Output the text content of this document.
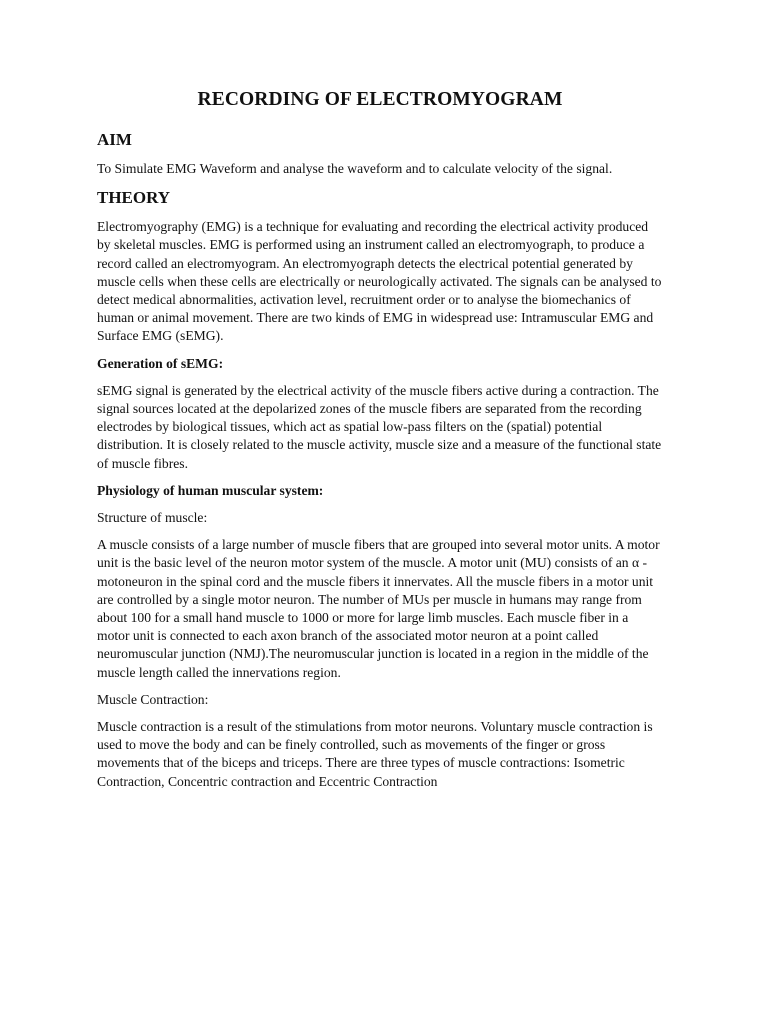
RECORDING OF ELECTROMYOGRAM
AIM

To Simulate EMG Waveform and analyse the waveform and to calculate velocity of the signal.

THEORY

Electromyography (EMG) is a technique for evaluating and recording the electrical activity produced by skeletal muscles. EMG is performed using an instrument called an electromyograph, to produce a record called an electromyogram. An electromyograph detects the electrical potential generated by muscle cells when these cells are electrically or neurologically activated. The signals can be analysed to detect medical abnormalities, activation level, recruitment order or to analyse the biomechanics of human or animal movement. There are two kinds of EMG in widespread use: Intramuscular EMG and Surface EMG (sEMG).

Generation of sEMG:

sEMG signal is generated by the electrical activity of the muscle fibers active during a contraction. The signal sources located at the depolarized zones of the muscle fibers are separated from the recording electrodes by biological tissues, which act as spatial low-pass filters on the (spatial) potential distribution. It is closely related to the muscle activity, muscle size and a measure of the functional state of muscle fibres.

Physiology of human muscular system:

Structure of muscle:

A muscle consists of a large number of muscle fibers that are grouped into several motor units. A motor unit is the basic level of the neuron motor system of the muscle. A motor unit (MU) consists of an α - motoneuron in the spinal cord and the muscle fibers it innervates. All the muscle fibers in a motor unit are controlled by a single motor neuron. The number of MUs per muscle in humans may range from about 100 for a small hand muscle to 1000 or more for large limb muscles. Each muscle fiber in a motor unit is connected to each axon branch of the associated motor neuron at a point called neuromuscular junction (NMJ).The neuromuscular junction is located in a region in the middle of the muscle length called the innervations region.

Muscle Contraction:

Muscle contraction is a result of the stimulations from motor neurons. Voluntary muscle contraction is used to move the body and can be finely controlled, such as movements of the finger or gross movements that of the biceps and triceps. There are three types of muscle contractions: Isometric Contraction, Concentric contraction and Eccentric Contraction
